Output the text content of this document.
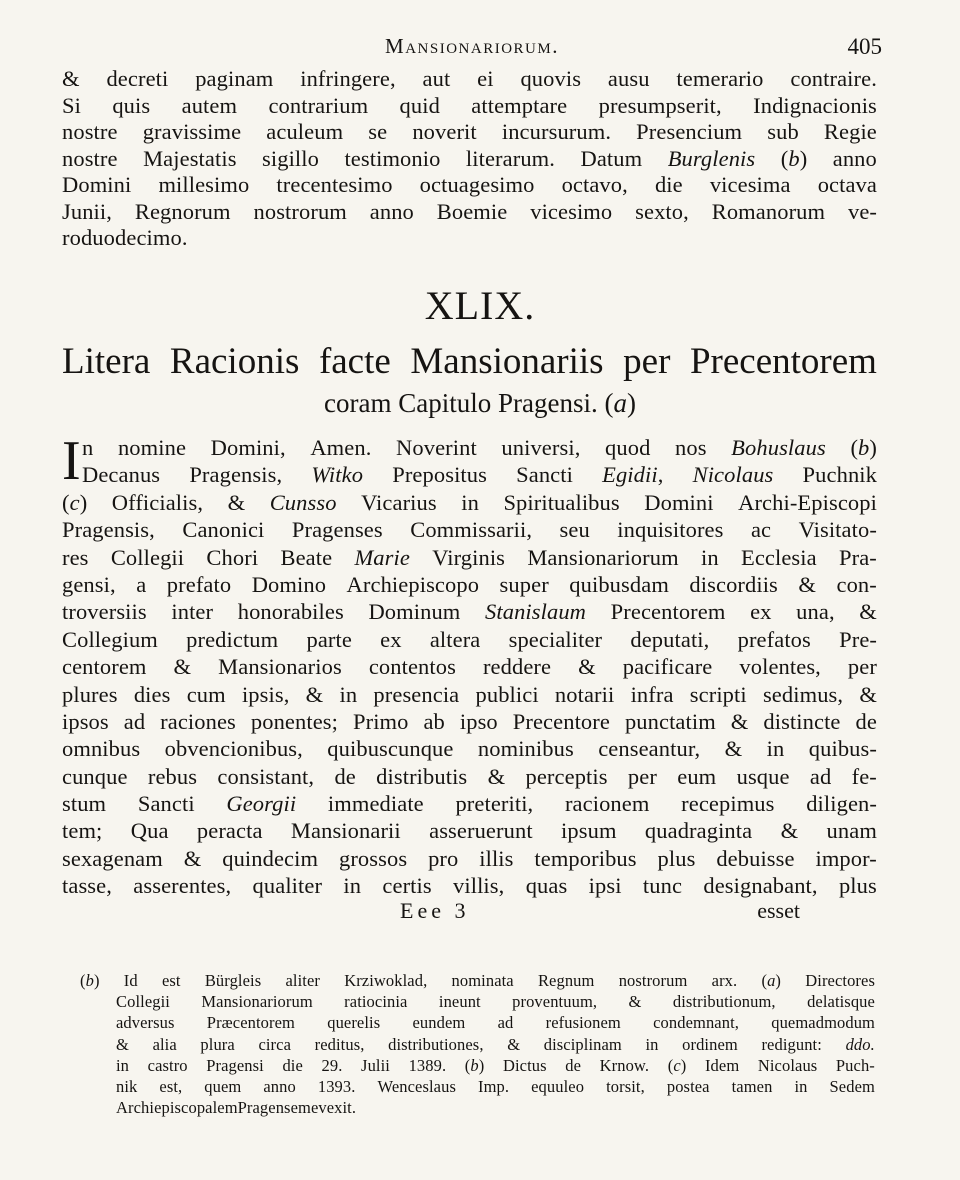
Mansionariorum.	405
& decreti paginam infringere, aut ei quovis ausu temerario contraire.
Si quis autem contrarium quid attemptare presumpserit, Indignacionis
nostre gravissime aculeum se noverit incursurum. Presencium sub Regie
nostre Majestatis sigillo testimonio literarum. Datum Burglenis (b) anno
Domini millesimo trecentesimo octuagesimo octavo, die vicesima octava
Junii, Regnorum nostrorum anno Boemie vicesimo sexto, Romanorum ve-
ro duodecimo.
XLIX.
Litera Racionis facte Mansionariis per Precentorem
coram Capitulo Pragensi. (a)
I n nomine Domini, Amen. Noverint universi, quod nos Bohuslaus (b)
Decanus Pragensis, Witko Prepositus Sancti Egidii, Nicolaus Puchnik
(c) Officialis, & Cunsso Vicarius in Spiritualibus Domini Archi-Episcopi
Pragensis, Canonici Pragenses Commissarii, seu inquisitores ac Visitato-
res Collegii Chori Beate Marie Virginis Mansionariorum in Ecclesia Pra-
gensi, a prefato Domino Archiepiscopo super quibusdam discordiis & con-
troversiis inter honorabiles Dominum Stanislaum Precentorem ex una, &
Collegium predictum parte ex altera specialiter deputati, prefatos Pre-
centorem & Mansionarios contentos reddere & pacificare volentes, per
plures dies cum ipsis, & in presencia publici notarii infra scripti sedimus, &
ipsos ad raciones ponentes; Primo ab ipso Precentore punctatim & distincte de
omnibus obvencionibus, quibuscunque nominibus censeantur, & in quibus-
cunque rebus consistant, de distributis & perceptis per eum usque ad fe-
stum Sancti Georgii immediate preteriti, racionem recepimus diligen-
tem; Qua peracta Mansionarii asseruerunt ipsum quadraginta & unam
sexagenam & quindecim grossos pro illis temporibus plus debuisse impor-
tasse, asserentes, qualiter in certis villis, quas ipsi tunc designabant, plus
Eee 3	esset
(b) Id est Bürgleis aliter Krziwoklad, nominata Regnum nostrorum arx. (a) Directores
Collegii Mansionariorum ratiocinia ineunt proventuum, & distributionum, delatisque
adversus Præcentorem querelis eundem ad refusionem condemnant, quemadmodum
& alia plura circa reditus, distributiones, & disciplinam in ordinem redigunt: ddo.
in castro Pragensi die 29. Julii 1389. (b) Dictus de Krnow. (c) Idem Nicolaus Puch-
nik est, quem anno 1393. Wenceslaus Imp. equuleo torsit, postea tamen in Sedem
Archiepiscopalem Pragensem evexit.
